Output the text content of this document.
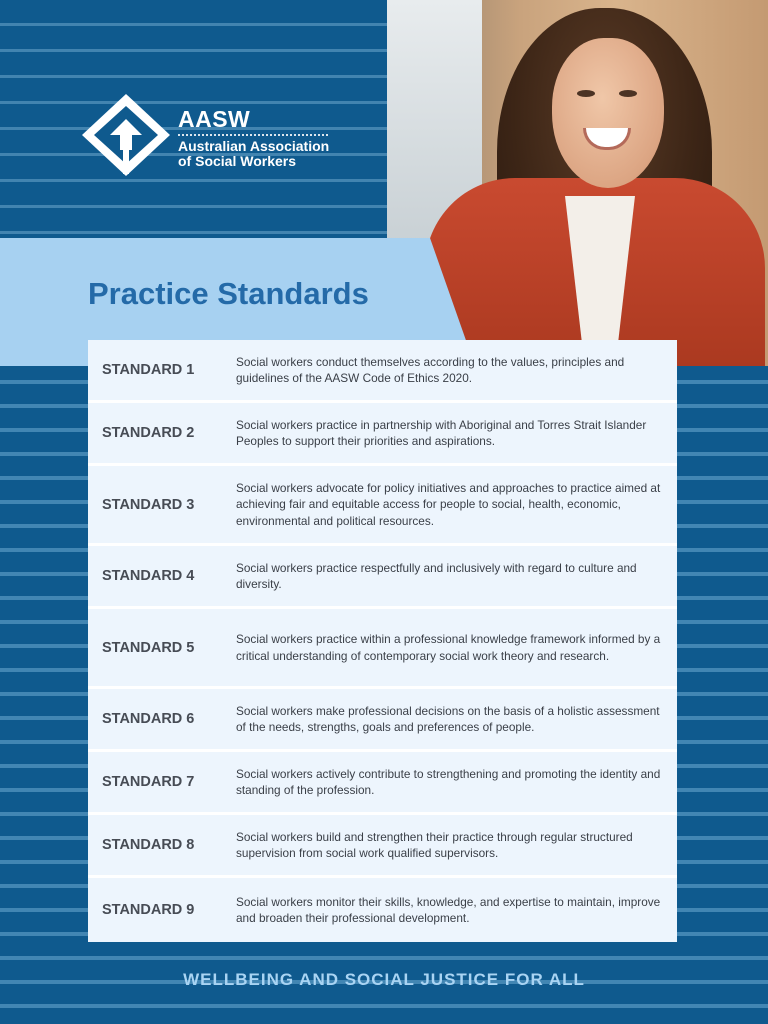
AASW
Australian Association
of Social Workers
Practice Standards
STANDARD 1
Social workers conduct themselves according to the values, principles and guidelines of the AASW Code of Ethics 2020.
STANDARD 2
Social workers practice in partnership with Aboriginal and Torres Strait Islander Peoples to support their priorities and aspirations.
STANDARD 3
Social workers advocate for policy initiatives and approaches to practice aimed at achieving fair and equitable access for people to social, health, economic, environmental and political resources.
STANDARD 4
Social workers practice respectfully and inclusively with regard to culture and diversity.
STANDARD 5
Social workers practice within a professional knowledge framework informed by a critical understanding of contemporary social work theory and research.
STANDARD 6
Social workers make professional decisions on the basis of a holistic assessment of the needs, strengths, goals and preferences of people.
STANDARD 7
Social workers actively contribute to strengthening and promoting the identity and standing of the profession.
STANDARD 8
Social workers build and strengthen their practice through regular structured supervision from social work qualified supervisors.
STANDARD 9
Social workers monitor their skills, knowledge, and expertise to maintain, improve and broaden their professional development.
WELLBEING AND SOCIAL JUSTICE FOR ALL
